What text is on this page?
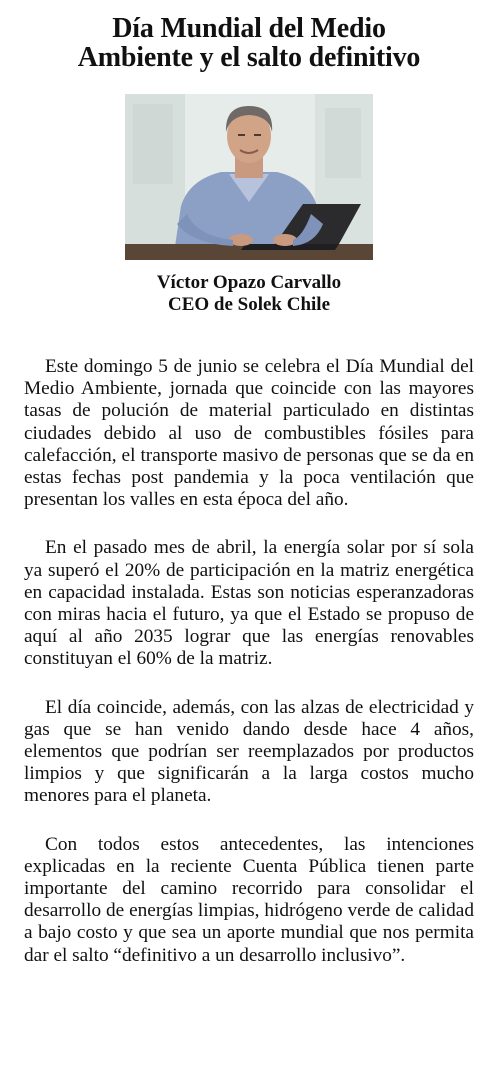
Día Mundial del Medio
Ambiente y el salto definitivo
Víctor Opazo Carvallo
CEO de Solek Chile

Este domingo 5 de junio se celebra el Día Mundial del Medio Ambiente, jornada que coincide con las mayores tasas de polución de material particulado en distintas ciudades debido al uso de combustibles fósiles para calefacción, el transporte masivo de personas que se da en estas fechas post pandemia y la poca ventilación que presentan los valles en esta época del año.

En el pasado mes de abril, la energía solar por sí sola ya superó el 20% de participación en la matriz energética en capacidad instalada. Estas son noticias esperanzadoras con miras hacia el futuro, ya que el Estado se propuso de aquí al año 2035 lograr que las energías renovables constituyan el 60% de la matriz.

El día coincide, además, con las alzas de electricidad y gas que se han venido dando desde hace 4 años, elementos que podrían ser reemplazados por productos limpios y que significarán a la larga costos mucho menores para el planeta.

Con todos estos antecedentes, las intenciones explicadas en la reciente Cuenta Pública tienen parte importante del camino recorrido para consolidar el desarrollo de energías limpias, hidrógeno verde de calidad a bajo costo y que sea un aporte mundial que nos permita dar el salto “definitivo a un desarrollo inclusivo”.
